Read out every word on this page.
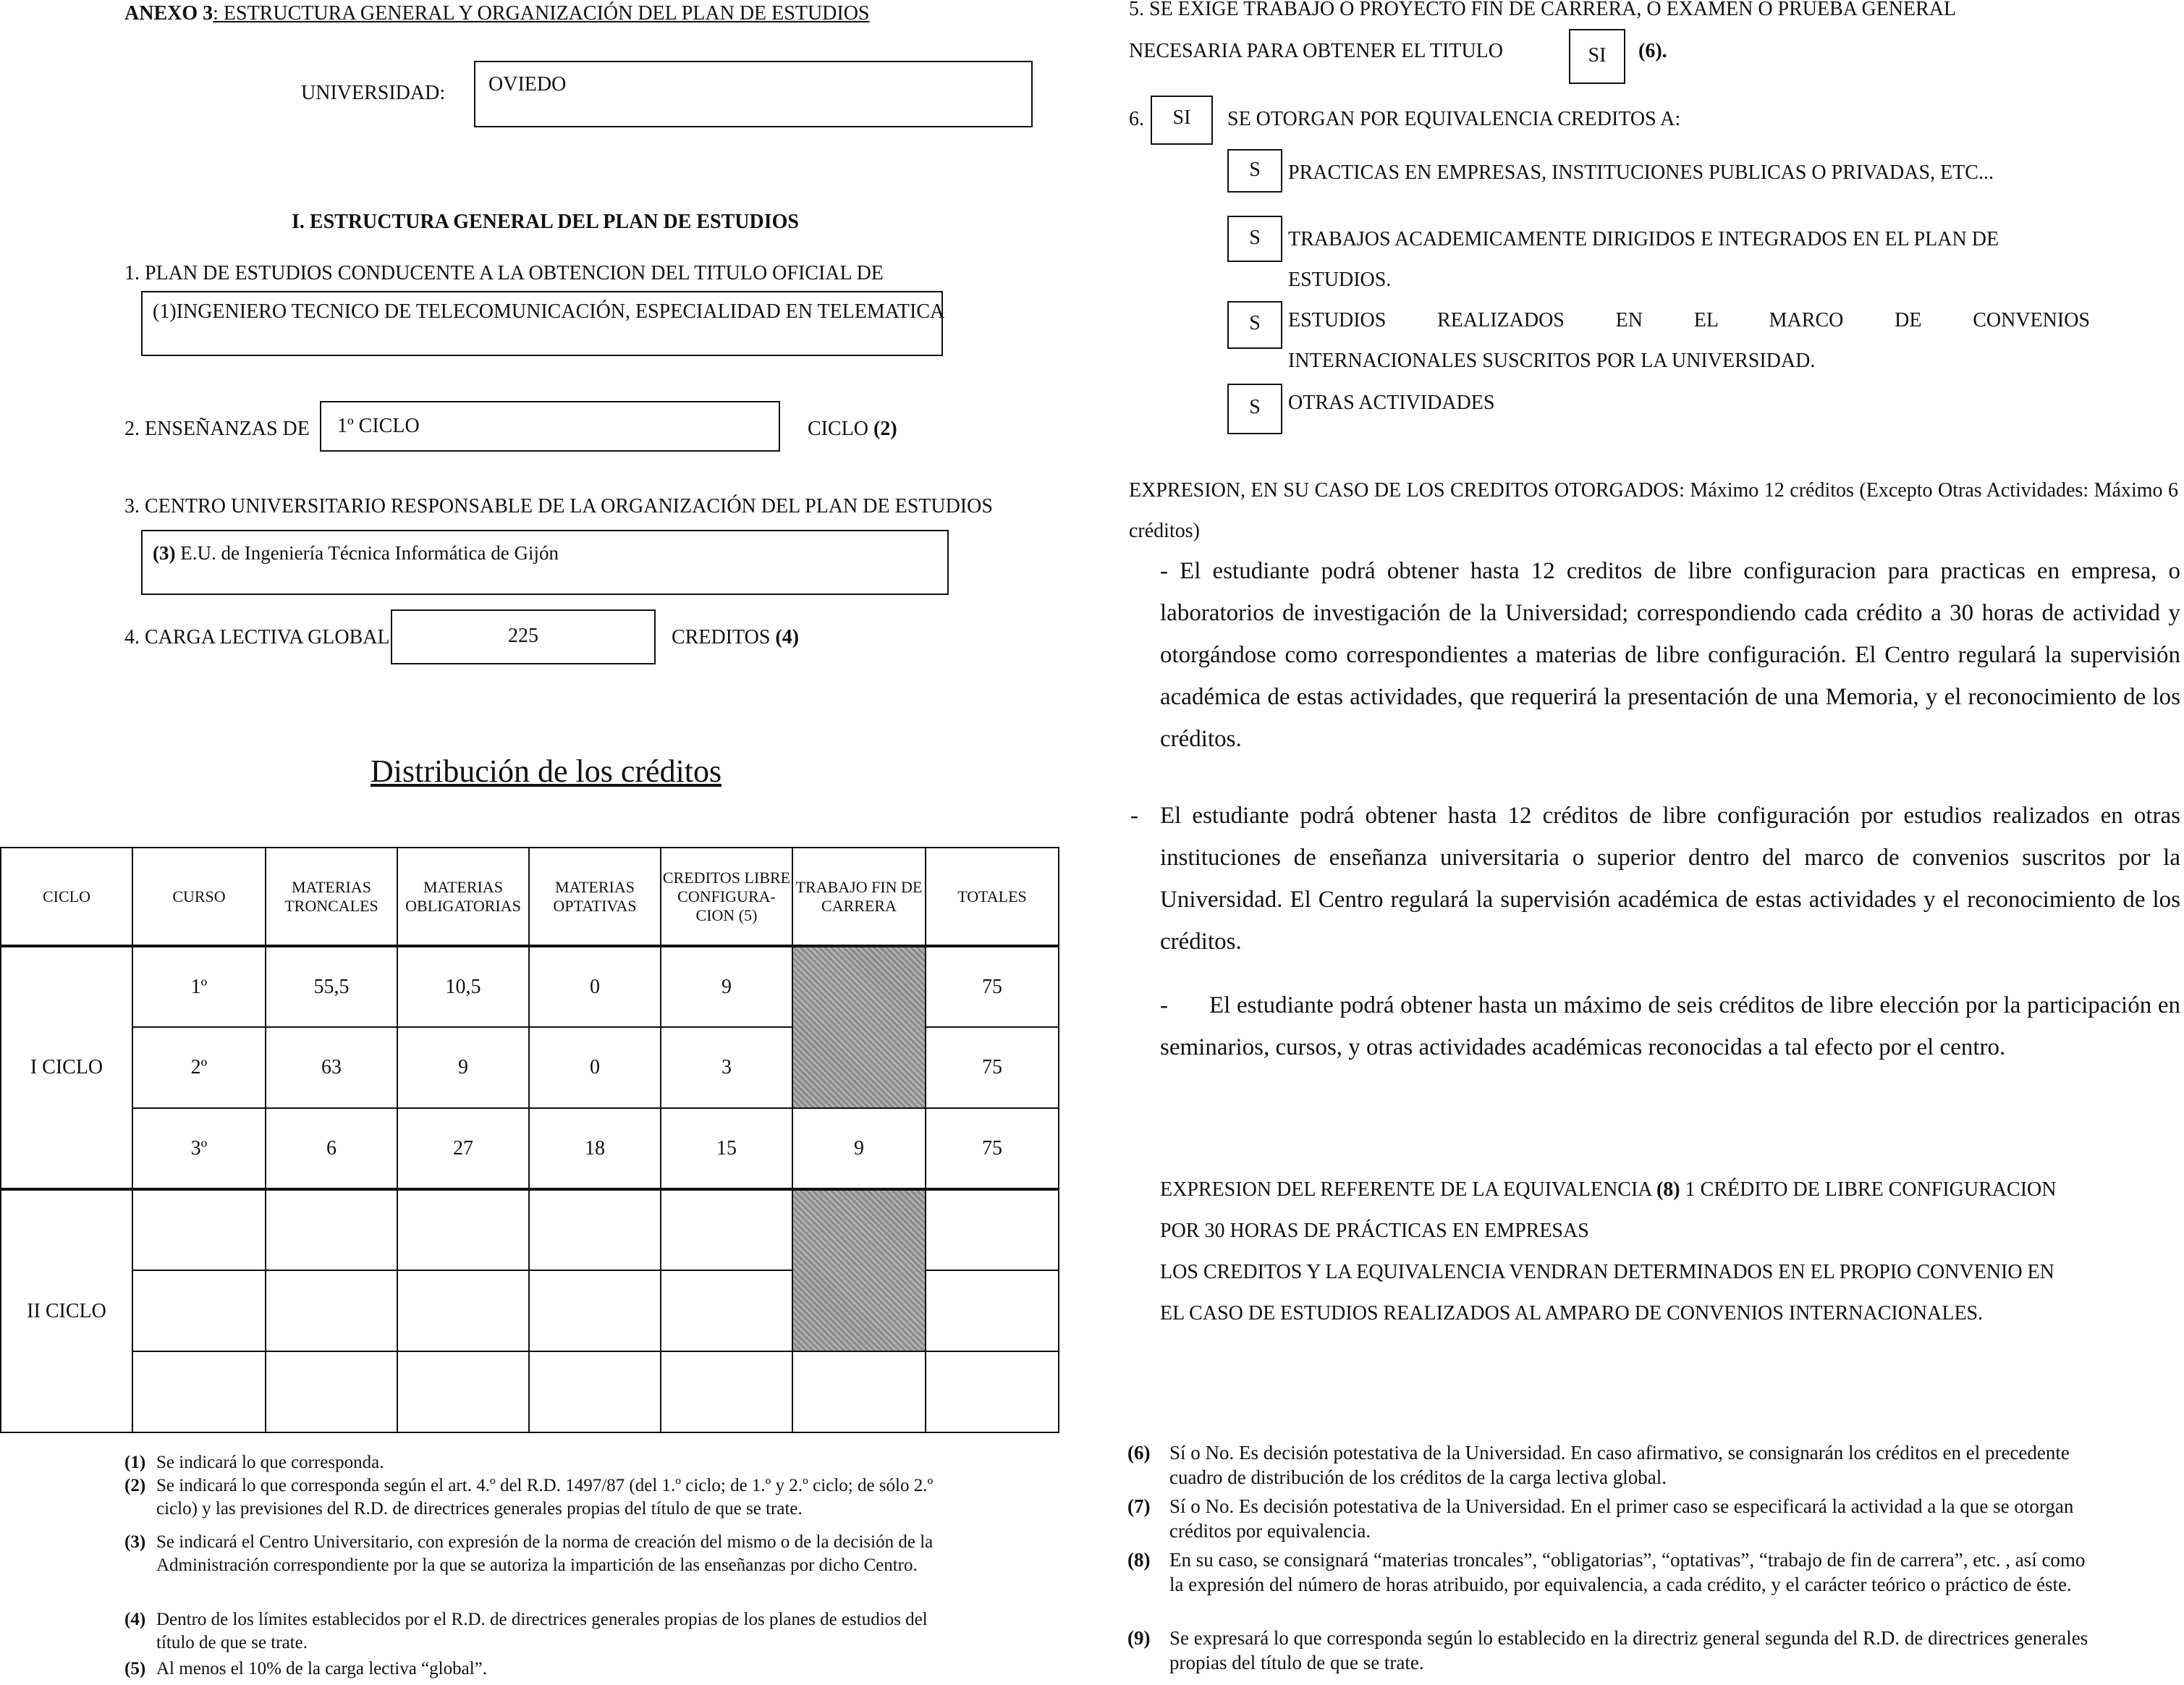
ANEXO 3: ESTRUCTURA GENERAL Y ORGANIZACIÓN DEL PLAN DE ESTUDIOS
UNIVERSIDAD: OVIEDO
I. ESTRUCTURA GENERAL DEL PLAN DE ESTUDIOS
1. PLAN DE ESTUDIOS CONDUCENTE A LA OBTENCION DEL TITULO OFICIAL DE
(1)INGENIERO TECNICO DE TELECOMUNICACIÓN, ESPECIALIDAD EN TELEMATICA
2. ENSEÑANZAS DE 1º CICLO	CICLO (2)
3. CENTRO UNIVERSITARIO RESPONSABLE DE LA ORGANIZACIÓN DEL PLAN DE ESTUDIOS
(3) E.U. de Ingeniería Técnica Informática de Gijón
4. CARGA LECTIVA GLOBAL	225	CREDITOS (4)
Distribución de los créditos
CICLO	CURSO	MATERIAS TRONCALES	MATERIAS OBLIGATORIAS	MATERIAS OPTATIVAS	CREDITOS LIBRE CONFIGURA-CION (5)	TRABAJO FIN DE CARRERA	TOTALES
I CICLO	1º	55,5	10,5	0	9		75
	2º	63	9	0	3		75
	3º	6	27	18	15	9	75
II CICLO							

(1) Se indicará lo que corresponda.
(2) Se indicará lo que corresponda según el art. 4.º del R.D. 1497/87 (del 1.º ciclo; de 1.º y 2.º ciclo; de sólo 2.º ciclo) y las previsiones del R.D. de directrices generales propias del título de que se trate.
(3) Se indicará el Centro Universitario, con expresión de la norma de creación del mismo o de la decisión de la Administración correspondiente por la que se autoriza la impartición de las enseñanzas por dicho Centro.
(4) Dentro de los límites establecidos por el R.D. de directrices generales propias de los planes de estudios del título de que se trate.
(5) Al menos el 10% de la carga lectiva “global”.
5. SE EXIGE TRABAJO O PROYECTO FIN DE CARRERA, O EXAMEN O PRUEBA GENERAL
NECESARIA PARA OBTENER EL TITULO	SI	(6).
6.	SI	SE OTORGAN POR EQUIVALENCIA CREDITOS A:
S	PRACTICAS EN EMPRESAS, INSTITUCIONES PUBLICAS O PRIVADAS, ETC...
S	TRABAJOS ACADEMICAMENTE DIRIGIDOS E INTEGRADOS EN EL PLAN DE
ESTUDIOS.
S	ESTUDIOS REALIZADOS EN EL MARCO DE CONVENIOS
INTERNACIONALES SUSCRITOS POR LA UNIVERSIDAD.
S	OTRAS ACTIVIDADES
EXPRESION, EN SU CASO DE LOS CREDITOS OTORGADOS: Máximo 12 créditos (Excepto Otras Actividades: Máximo 6 créditos)
- El estudiante podrá obtener hasta 12 creditos de libre configuracion para practicas en empresa, o laboratorios de investigación de la Universidad; correspondiendo cada crédito a 30 horas de actividad y otorgándose como correspondientes a materias de libre configuración. El Centro regulará la supervisión académica de estas actividades, que requerirá la presentación de una Memoria, y el reconocimiento de los créditos.
- El estudiante podrá obtener hasta 12 créditos de libre configuración por estudios realizados en otras instituciones de enseñanza universitaria o superior dentro del marco de convenios suscritos por la Universidad. El Centro regulará la supervisión académica de estas actividades y el reconocimiento de los créditos.
-	El estudiante podrá obtener hasta un máximo de seis créditos de libre elección por la participación en seminarios, cursos, y otras actividades académicas reconocidas a tal efecto por el centro.
EXPRESION DEL REFERENTE DE LA EQUIVALENCIA (8) 1 CRÉDITO DE LIBRE CONFIGURACION
POR 30 HORAS DE PRÁCTICAS EN EMPRESAS
LOS CREDITOS Y LA EQUIVALENCIA VENDRAN DETERMINADOS EN EL PROPIO CONVENIO EN
EL CASO DE ESTUDIOS REALIZADOS AL AMPARO DE CONVENIOS INTERNACIONALES.
(6) Sí o No. Es decisión potestativa de la Universidad. En caso afirmativo, se consignarán los créditos en el precedente cuadro de distribución de los créditos de la carga lectiva global.
(7) Sí o No. Es decisión potestativa de la Universidad. En el primer caso se especificará la actividad a la que se otorgan créditos por equivalencia.
(8) En su caso, se consignará “materias troncales”, “obligatorias”, “optativas”, “trabajo de fin de carrera”, etc. , así como la expresión del número de horas atribuido, por equivalencia, a cada crédito, y el carácter teórico o práctico de éste.
(9) Se expresará lo que corresponda según lo establecido en la directriz general segunda del R.D. de directrices generales propias del título de que se trate.
